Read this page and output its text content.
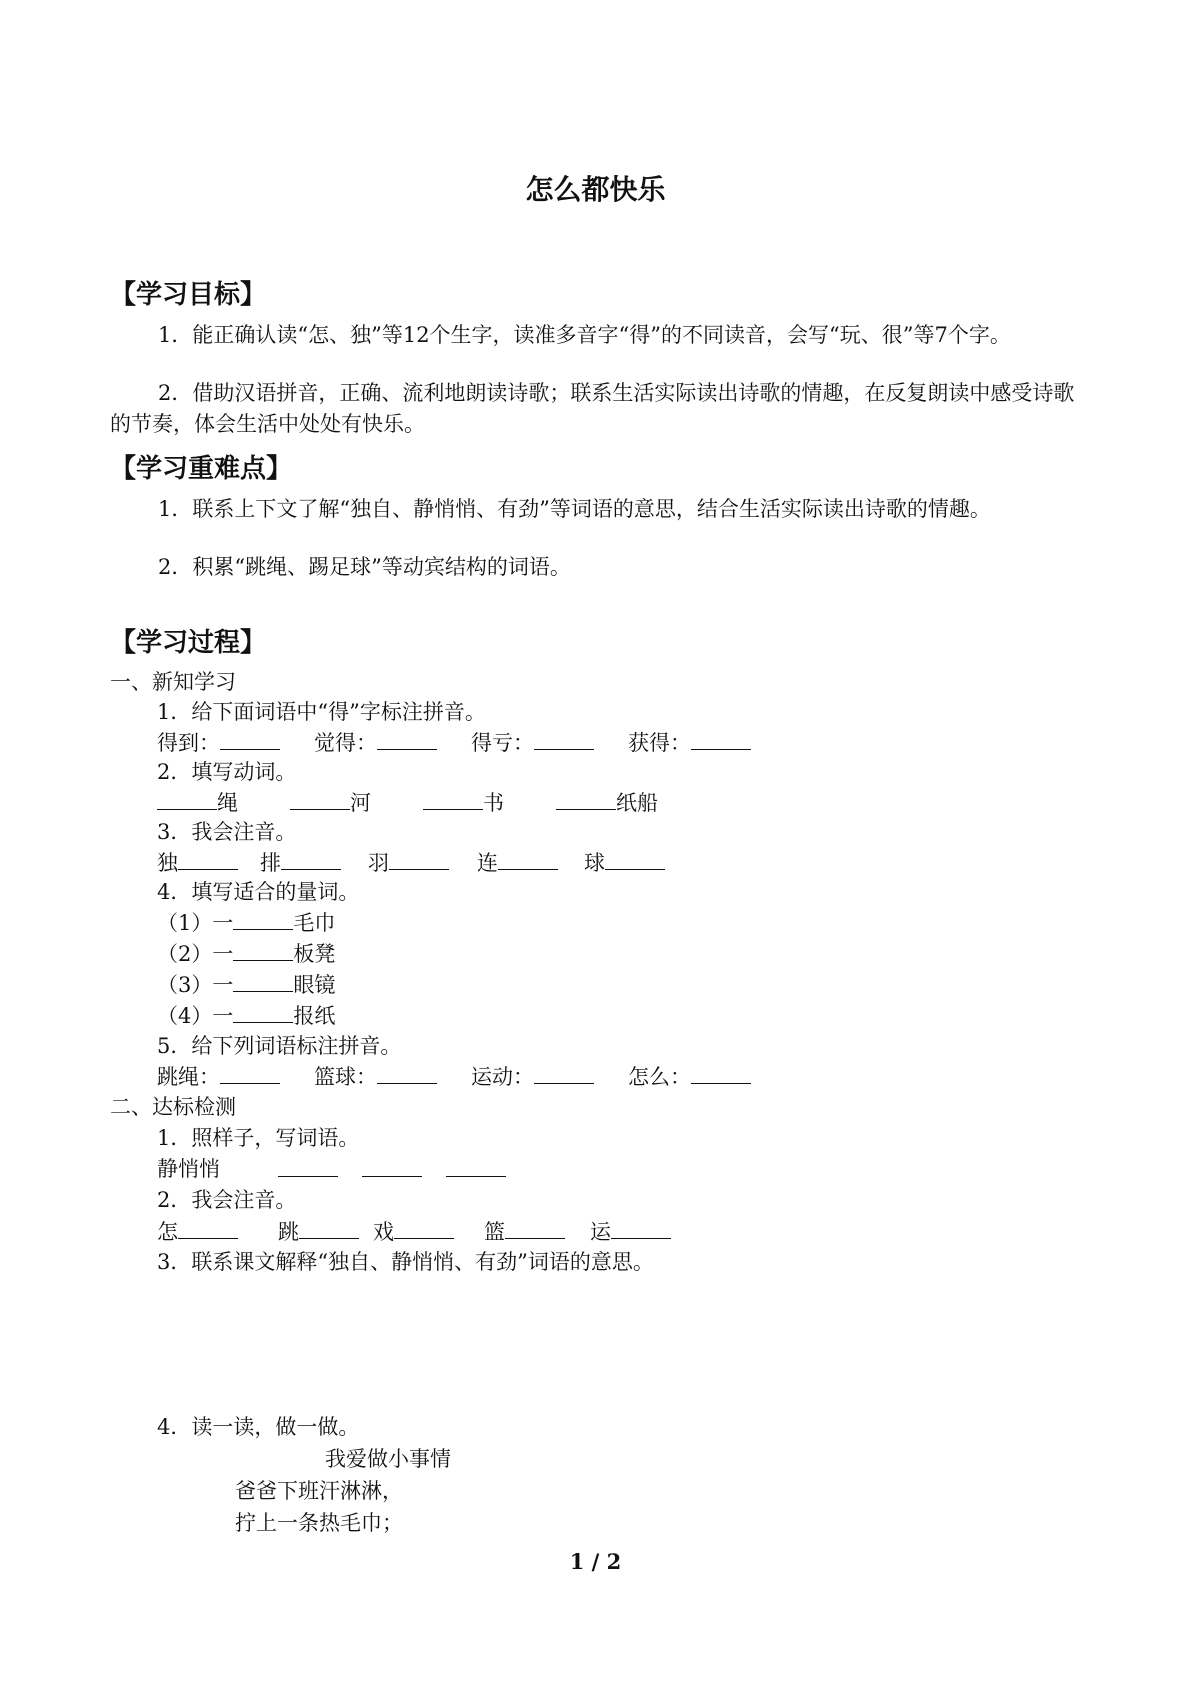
怎么都快乐
【学习目标】

1．能正确认读“怎、独”等12个生字，读准多音字“得”的不同读音，会写“玩、很”等7个字。

2．借助汉语拼音，正确、流利地朗读诗歌；联系生活实际读出诗歌的情趣，在反复朗读中感受诗歌的节奏，体会生活中处处有快乐。

【学习重难点】

1．联系上下文了解“独自、静悄悄、有劲”等词语的意思，结合生活实际读出诗歌的情趣。

2．积累“跳绳、踢足球”等动宾结构的词语。

【学习过程】
一、新知学习
1．给下面词语中“得”字标注拼音。
得到：	觉得：	得亏：	获得：
2．填写动词。
绳	河	书	纸船
3．我会注音。
独	排	羽	连	球
4．填写适合的量词。
（1）一	毛巾
（2）一	板凳
（3）一	眼镜
（4）一	报纸
5．给下列词语标注拼音。
跳绳：	篮球：	运动：	怎么：
二、达标检测
1．照样子，写词语。
静悄悄
2．我会注音。
怎	跳	戏	篮	运
3．联系课文解释“独自、静悄悄、有劲”词语的意思。
4．读一读，做一做。
我爱做小事情
爸爸下班汗淋淋，
拧上一条热毛巾；
1 / 2
